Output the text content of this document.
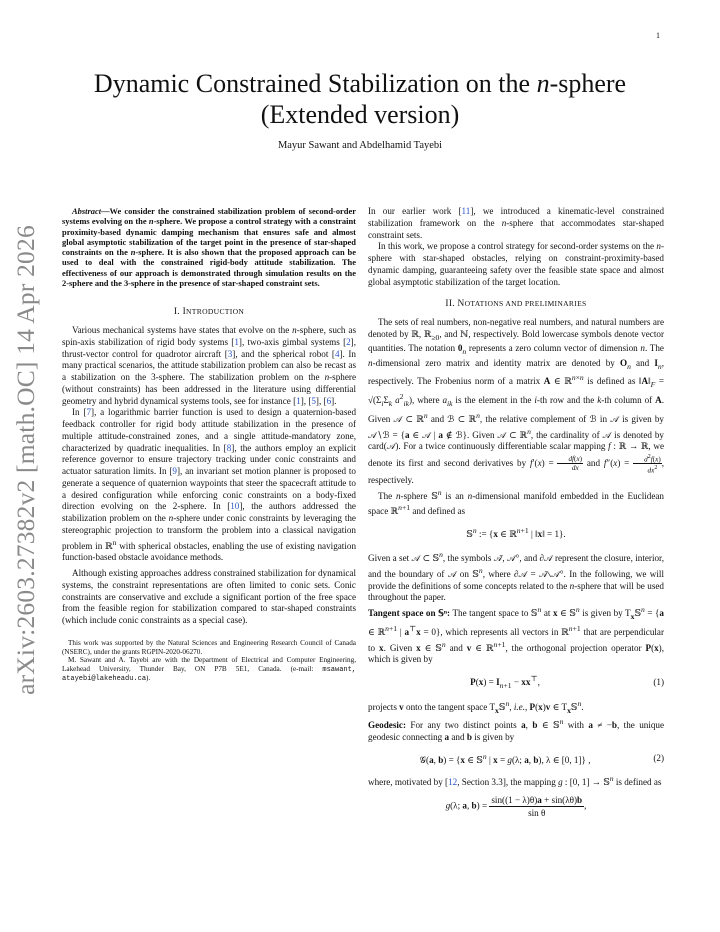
1
arXiv:2603.27382v2 [math.OC] 14 Apr 2026
Dynamic Constrained Stabilization on the n-sphere
(Extended version)
Mayur Sawant and Abdelhamid Tayebi

Abstract—We consider the constrained stabilization problem of second-order systems evolving on the n-sphere. We propose a control strategy with a constraint proximity-based dynamic damping mechanism that ensures safe and almost global asymptotic stabilization of the target point in the presence of star-shaped constraints on the n-sphere. It is also shown that the proposed approach can be used to deal with the constrained rigid-body attitude stabilization. The effectiveness of our approach is demonstrated through simulation results on the 2-sphere and the 3-sphere in the presence of star-shaped constraint sets.

I. INTRODUCTION

Various mechanical systems have states that evolve on the n-sphere, such as spin-axis stabilization of rigid body systems [1], two-axis gimbal systems [2], thrust-vector control for quadrotor aircraft [3], and the spherical robot [4]. In many practical scenarios, the attitude stabilization problem can also be recast as a stabilization on the 3-sphere. The stabilization problem on the n-sphere (without constraints) has been addressed in the literature using differential geometry and hybrid dynamical systems tools, see for instance [1], [5], [6].

In [7], a logarithmic barrier function is used to design a quaternion-based feedback controller for rigid body attitude stabilization in the presence of multiple attitude-constrained zones, and a single attitude-mandatory zone, characterized by quadratic inequalities. In [8], the authors employ an explicit reference governor to ensure trajectory tracking under conic constraints and actuator saturation limits. In [9], an invariant set motion planner is proposed to generate a sequence of quaternion waypoints that steer the spacecraft attitude to a desired configuration while enforcing conic constraints on a body-fixed direction evolving on the 2-sphere. In [10], the authors addressed the stabilization problem on the n-sphere under conic constraints by leveraging the stereographic projection to transform the problem into a classical navigation problem in ℝ$^n$ with spherical obstacles, enabling the use of existing navigation function-based obstacle avoidance methods.

Although existing approaches address constrained stabilization for dynamical systems, the constraint representations are often limited to conic sets. Conic constraints are conservative and exclude a significant portion of the free space from the feasible region for stabilization compared to star-shaped constraints (which include conic constraints as a special case).

This work was supported by the Natural Sciences and Engineering Research Council of Canada (NSERC), under the grants RGPIN-2020-06270.

M. Sawant and A. Tayebi are with the Department of Electrical and Computer Engineering, Lakehead University, Thunder Bay, ON P7B 5E1, Canada. (e-mail: msawant, atayebi@lakeheadu.ca).

In our earlier work [11], we introduced a kinematic-level constrained stabilization framework on the n-sphere that accommodates star-shaped constraint sets.

In this work, we propose a control strategy for second-order systems on the n-sphere with star-shaped obstacles, relying on constraint-proximity-based dynamic damping, guaranteeing safety over the feasible state space and almost global asymptotic stabilization of the target location.

II. NOTATIONS AND PRELIMINARIES

The sets of real numbers, non-negative real numbers, and natural numbers are denoted by ℝ, ℝ$_{\ge 0}$, and ℕ, respectively. Bold lowercase symbols denote vector quantities. The notation $0_n$ represents a zero column vector of dimension n. The n-dimensional zero matrix and identity matrix are denoted by $O_n$ and $I_n$, respectively. The Frobenius norm of a matrix A ∈ ℝ$^{n\times n}$ is defined as $‖A‖_F = √(\Sigma_i\Sigma_k$ $a^2_{ik}$), where $a_{ik}$ is the element in the i-th row and the k-th column of A. Given 𝒜 ⊂ ℝ$^n$ and ℬ ⊂ ℝ$^n$, the relative complement of ℬ in 𝒜 is given by 𝒜∖ℬ = {a ∈ 𝒜 | a ∉ ℬ}. Given 𝒜 ⊂ ℝ$^n$, the cardinality of 𝒜 is denoted by card(𝒜). For a twice continuously differentiable scalar mapping f : ℝ → ℝ, we denote its first and second derivatives by $f'(x) = \frac{df(x)}{dx}$ and $f''(x) = \frac{d^2f(x)}{dx^2}$ , respectively.

The n-sphere 𝕊$^n$ is an n-dimensional manifold embedded in the Euclidean space ℝ$^{n+1}$ and defined as

𝕊$^n$ := {x ∈ ℝ$^{n+1}$ | ‖x‖ = 1}.

Given a set 𝒜 ⊂ 𝕊$^n$, the symbols 𝒜̄, 𝒜°, and ∂𝒜 represent the closure, interior, and the boundary of 𝒜 on 𝕊$^n$, where ∂𝒜 = 𝒜̄∖𝒜°. In the following, we will provide the definitions of some concepts related to the n-sphere that will be used throughout the paper.

Tangent space on 𝕊ⁿ: The tangent space to 𝕊$^n$ at x ∈ 𝕊$^n$ is given by $T_x𝕊^n = \{a$ ∈ ℝ$^{n+1}$ | a⊤x = 0}, which represents all vectors in ℝ$^{n+1}$ that are perpendicular to x. Given x ∈ 𝕊$^n$ and v ∈ ℝ$^{n+1}$, the orthogonal projection operator P(x), which is given by

$P(x) = I_{n+1} - xx^⊤$,	(1)

projects v onto the tangent space $T_x𝕊^n$, i.e., P(x)v ∈ $T_x𝕊^n$.

Geodesic: For any two distinct points a, b ∈ 𝕊$^n$ with a ≠ −b, the unique geodesic connecting a and b is given by

𝒢(a, b) = {x ∈ 𝕊$^n$ | x = g(λ; a, b), λ ∈ [0, 1]} ,	(2)

where, motivated by [12, Section 3.3], the mapping g : [0, 1] → 𝕊$^n$ is defined as

g(λ; a, $b) = \frac{\sin((1 - \lambda)\theta)a + \sin(\lambda\theta)b}{\text{sin θ}}$ ,
